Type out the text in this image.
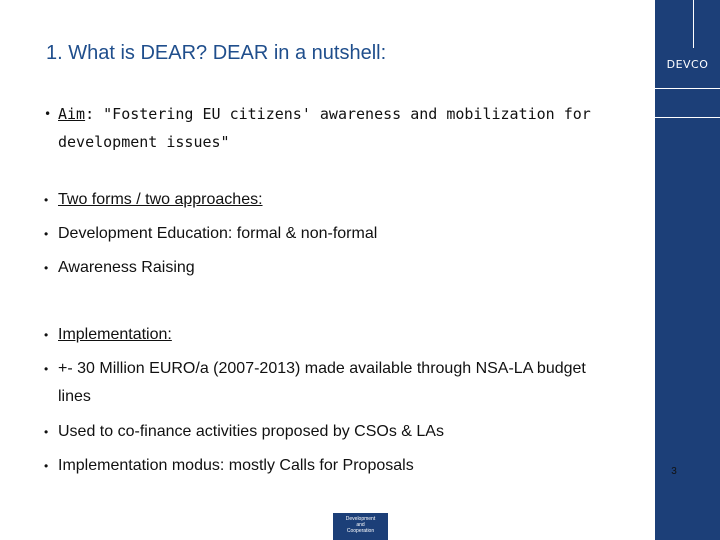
1. What is DEAR? DEAR in a nutshell:
DEVCO
• Aim: "Fostering EU citizens' awareness and mobilization for development issues"
• Two forms / two approaches:
• Development Education: formal & non-formal
• Awareness Raising
• Implementation:
• +- 30 Million EURO/a (2007-2013) made available through NSA-LA budget lines
• Used to co-finance activities proposed by CSOs & LAs
• Implementation modus: mostly Calls for Proposals	3
Development
and
Cooperation
